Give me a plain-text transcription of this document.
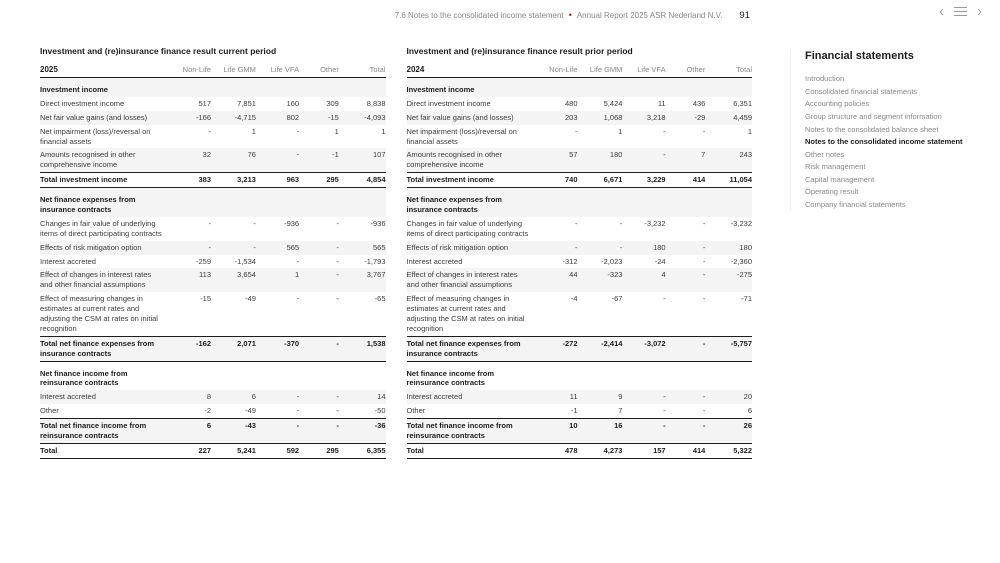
7.6 Notes to the consolidated income statement • Annual Report 2025 ASR Nederland N.V. 91	‹ ›
Investment and (re)insurance finance result current period
2025	Non-Life	Life GMM	Life VFA	Other	Total
Investment income					
Direct investment income	517	7,851	160	309	8,838
Net fair value gains (and losses)	-166	-4,715	802	-15	-4,093
Net impairment (loss)/reversal on financial assets	-	1	-	1	1
Amounts recognised in other comprehensive income	32	76	-	-1	107
Total investment income	383	3,213	963	295	4,854
Net finance expenses from insurance contracts					
Changes in fair value of underlying items of direct participating contracts	-	-	-936	-	-936
Effects of risk mitigation option	-	-	565	-	565
Interest accreted	-259	-1,534	-	-	-1,793
Effect of changes in interest rates and other financial assumptions	113	3,654	1	-	3,767
Effect of measuring changes in estimates at current rates and adjusting the CSM at rates on initial recognition	-15	-49	-	-	-65
Total net finance expenses from insurance contracts	-162	2,071	-370	-	1,538
Net finance income from reinsurance contracts					
Interest accreted	8	6	-	-	14
Other	-2	-49	-	-	-50
Total net finance income from reinsurance contracts	6	-43	-	-	-36
Total	227	5,241	592	295	6,355
Investment and (re)insurance finance result prior period
2024	Non-Life	Life GMM	Life VFA	Other	Total
Investment income					
Direct investment income	480	5,424	11	436	6,351
Net fair value gains (and losses)	203	1,068	3,218	-29	4,459
Net impairment (loss)/reversal on financial assets	-	1	-	-	1
Amounts recognised in other comprehensive income	57	180	-	7	243
Total investment income	740	6,671	3,229	414	11,054
Net finance expenses from insurance contracts					
Changes in fair value of underlying items of direct participating contracts	-	-	-3,232	-	-3,232
Effects of risk mitigation option	-	-	180	-	180
Interest accreted	-312	-2,023	-24	-	-2,360
Effect of changes in interest rates and other financial assumptions	44	-323	4	-	-275
Effect of measuring changes in estimates at current rates and adjusting the CSM at rates on initial recognition	-4	-67	-	-	-71
Total net finance expenses from insurance contracts	-272	-2,414	-3,072	-	-5,757
Net finance income from reinsurance contracts					
Interest accreted	11	9	-	-	20
Other	-1	7	-	-	6
Total net finance income from reinsurance contracts	10	16	-	-	26
Total	478	4,273	157	414	5,322
Financial statements
Introduction
Consolidated financial statements
Accounting policies
Group structure and segment information
Notes to the consolidated balance sheet
Notes to the consolidated income statement
Other notes
Risk management
Capital management
Operating result
Company financial statements
